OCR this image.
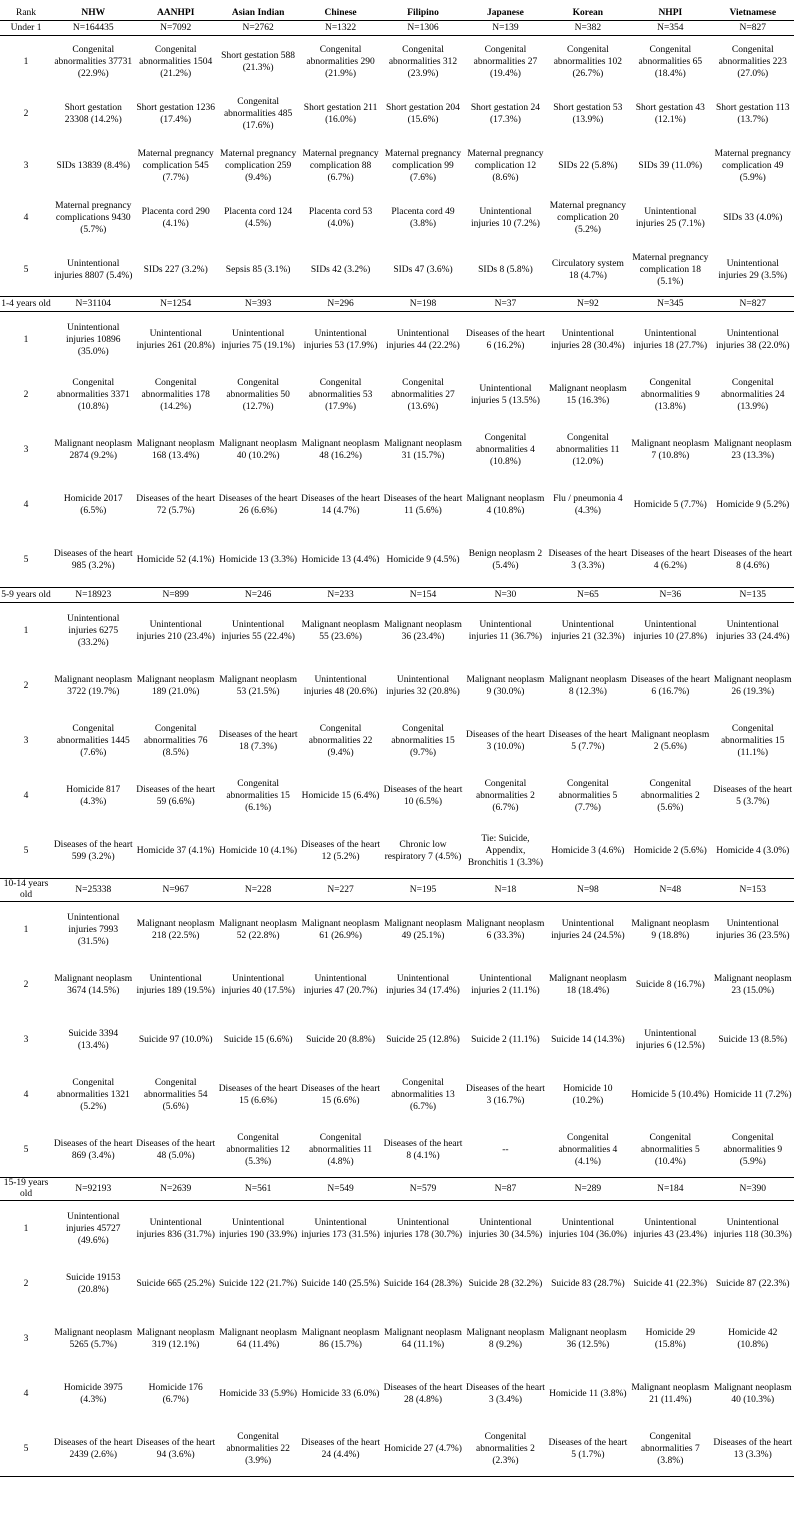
Rank	NHW	AANHPI	Asian Indian	Chinese	Filipino	Japanese	Korean	NHPI	Vietnamese
Under 1	N=164435	N=7092	N=2762	N=1322	N=1306	N=139	N=382	N=354	N=827
1	Congenital abnormalities 37731 (22.9%)	Congenital abnormalities 1504 (21.2%)	Short gestation 588 (21.3%)	Congenital abnormalities 290 (21.9%)	Congenital abnormalities 312 (23.9%)	Congenital abnormalities 27 (19.4%)	Congenital abnormalities 102 (26.7%)	Congenital abnormalities 65 (18.4%)	Congenital abnormalities 223 (27.0%)
2	Short gestation 23308 (14.2%)	Short gestation 1236 (17.4%)	Congenital abnormalities 485 (17.6%)	Short gestation 211 (16.0%)	Short gestation 204 (15.6%)	Short gestation 24 (17.3%)	Short gestation 53 (13.9%)	Short gestation 43 (12.1%)	Short gestation 113 (13.7%)
3	SIDs 13839 (8.4%)	Maternal pregnancy complication 545 (7.7%)	Maternal pregnancy complication 259 (9.4%)	Maternal pregnancy complication 88 (6.7%)	Maternal pregnancy complication 99 (7.6%)	Maternal pregnancy complication 12 (8.6%)	SIDs 22 (5.8%)	SIDs 39 (11.0%)	Maternal pregnancy complication 49 (5.9%)
4	Maternal pregnancy complications 9430 (5.7%)	Placenta cord 290 (4.1%)	Placenta cord 124 (4.5%)	Placenta cord 53 (4.0%)	Placenta cord 49 (3.8%)	Unintentional injuries 10 (7.2%)	Maternal pregnancy complication 20 (5.2%)	Unintentional injuries 25 (7.1%)	SIDs 33 (4.0%)
5	Unintentional injuries 8807 (5.4%)	SIDs 227 (3.2%)	Sepsis 85 (3.1%)	SIDs 42 (3.2%)	SIDs 47 (3.6%)	SIDs 8 (5.8%)	Circulatory system 18 (4.7%)	Maternal pregnancy complication 18 (5.1%)	Unintentional injuries 29 (3.5%)
1-4 years old	N=31104	N=1254	N=393	N=296	N=198	N=37	N=92	N=345	N=827
1	Unintentional injuries 10896 (35.0%)	Unintentional injuries 261 (20.8%)	Unintentional injuries 75 (19.1%)	Unintentional injuries 53 (17.9%)	Unintentional injuries 44 (22.2%)	Diseases of the heart 6 (16.2%)	Unintentional injuries 28 (30.4%)	Unintentional injuries 18 (27.7%)	Unintentional injuries 38 (22.0%)
2	Congenital abnormalities 3371 (10.8%)	Congenital abnormalities 178 (14.2%)	Congenital abnormalities 50 (12.7%)	Congenital abnormalities 53 (17.9%)	Congenital abnormalities 27 (13.6%)	Unintentional injuries 5 (13.5%)	Malignant neoplasm 15 (16.3%)	Congenital abnormalities 9 (13.8%)	Congenital abnormalities 24 (13.9%)
3	Malignant neoplasm 2874 (9.2%)	Malignant neoplasm 168 (13.4%)	Malignant neoplasm 40 (10.2%)	Malignant neoplasm 48 (16.2%)	Malignant neoplasm 31 (15.7%)	Congenital abnormalities 4 (10.8%)	Congenital abnormalities 11 (12.0%)	Malignant neoplasm 7 (10.8%)	Malignant neoplasm 23 (13.3%)
4	Homicide 2017 (6.5%)	Diseases of the heart 72 (5.7%)	Diseases of the heart 26 (6.6%)	Diseases of the heart 14 (4.7%)	Diseases of the heart 11 (5.6%)	Malignant neoplasm 4 (10.8%)	Flu / pneumonia 4 (4.3%)	Homicide 5 (7.7%)	Homicide 9 (5.2%)
5	Diseases of the heart 985 (3.2%)	Homicide 52 (4.1%)	Homicide 13 (3.3%)	Homicide 13 (4.4%)	Homicide 9 (4.5%)	Benign neoplasm 2 (5.4%)	Diseases of the heart 3 (3.3%)	Diseases of the heart 4 (6.2%)	Diseases of the heart 8 (4.6%)
5-9 years old	N=18923	N=899	N=246	N=233	N=154	N=30	N=65	N=36	N=135
1	Unintentional injuries 6275 (33.2%)	Unintentional injuries 210 (23.4%)	Unintentional injuries 55 (22.4%)	Malignant neoplasm 55 (23.6%)	Malignant neoplasm 36 (23.4%)	Unintentional injuries 11 (36.7%)	Unintentional injuries 21 (32.3%)	Unintentional injuries 10 (27.8%)	Unintentional injuries 33 (24.4%)
2	Malignant neoplasm 3722 (19.7%)	Malignant neoplasm 189 (21.0%)	Malignant neoplasm 53 (21.5%)	Unintentional injuries 48 (20.6%)	Unintentional injuries 32 (20.8%)	Malignant neoplasm 9 (30.0%)	Malignant neoplasm 8 (12.3%)	Diseases of the heart 6 (16.7%)	Malignant neoplasm 26 (19.3%)
3	Congenital abnormalities 1445 (7.6%)	Congenital abnormalities 76 (8.5%)	Diseases of the heart 18 (7.3%)	Congenital abnormalities 22 (9.4%)	Congenital abnormalities 15 (9.7%)	Diseases of the heart 3 (10.0%)	Diseases of the heart 5 (7.7%)	Malignant neoplasm 2 (5.6%)	Congenital abnormalities 15 (11.1%)
4	Homicide 817 (4.3%)	Diseases of the heart 59 (6.6%)	Congenital abnormalities 15 (6.1%)	Homicide 15 (6.4%)	Diseases of the heart 10 (6.5%)	Congenital abnormalities 2 (6.7%)	Congenital abnormalities 5 (7.7%)	Congenital abnormalities 2 (5.6%)	Diseases of the heart 5 (3.7%)
5	Diseases of the heart 599 (3.2%)	Homicide 37 (4.1%)	Homicide 10 (4.1%)	Diseases of the heart 12 (5.2%)	Chronic low respiratory 7 (4.5%)	Tie: Suicide, Appendix, Bronchitis 1 (3.3%)	Homicide 3 (4.6%)	Homicide 2 (5.6%)	Homicide 4 (3.0%)
10-14 years old	N=25338	N=967	N=228	N=227	N=195	N=18	N=98	N=48	N=153
1	Unintentional injuries 7993 (31.5%)	Malignant neoplasm 218 (22.5%)	Malignant neoplasm 52 (22.8%)	Malignant neoplasm 61 (26.9%)	Malignant neoplasm 49 (25.1%)	Malignant neoplasm 6 (33.3%)	Unintentional injuries 24 (24.5%)	Malignant neoplasm 9 (18.8%)	Unintentional injuries 36 (23.5%)
2	Malignant neoplasm 3674 (14.5%)	Unintentional injuries 189 (19.5%)	Unintentional injuries 40 (17.5%)	Unintentional injuries 47 (20.7%)	Unintentional injuries 34 (17.4%)	Unintentional injuries 2 (11.1%)	Malignant neoplasm 18 (18.4%)	Suicide 8 (16.7%)	Malignant neoplasm 23 (15.0%)
3	Suicide 3394 (13.4%)	Suicide 97 (10.0%)	Suicide 15 (6.6%)	Suicide 20 (8.8%)	Suicide 25 (12.8%)	Suicide 2 (11.1%)	Suicide 14 (14.3%)	Unintentional injuries 6 (12.5%)	Suicide 13 (8.5%)
4	Congenital abnormalities 1321 (5.2%)	Congenital abnormalities 54 (5.6%)	Diseases of the heart 15 (6.6%)	Diseases of the heart 15 (6.6%)	Congenital abnormalities 13 (6.7%)	Diseases of the heart 3 (16.7%)	Homicide 10 (10.2%)	Homicide 5 (10.4%)	Homicide 11 (7.2%)
5	Diseases of the heart 869 (3.4%)	Diseases of the heart 48 (5.0%)	Congenital abnormalities 12 (5.3%)	Congenital abnormalities 11 (4.8%)	Diseases of the heart 8 (4.1%)	--	Congenital abnormalities 4 (4.1%)	Congenital abnormalities 5 (10.4%)	Congenital abnormalities 9 (5.9%)
15-19 years old	N=92193	N=2639	N=561	N=549	N=579	N=87	N=289	N=184	N=390
1	Unintentional injuries 45727 (49.6%)	Unintentional injuries 836 (31.7%)	Unintentional injuries 190 (33.9%)	Unintentional injuries 173 (31.5%)	Unintentional injuries 178 (30.7%)	Unintentional injuries 30 (34.5%)	Unintentional injuries 104 (36.0%)	Unintentional injuries 43 (23.4%)	Unintentional injuries 118 (30.3%)
2	Suicide 19153 (20.8%)	Suicide 665 (25.2%)	Suicide 122 (21.7%)	Suicide 140 (25.5%)	Suicide 164 (28.3%)	Suicide 28 (32.2%)	Suicide 83 (28.7%)	Suicide 41 (22.3%)	Suicide 87 (22.3%)
3	Malignant neoplasm 5265 (5.7%)	Malignant neoplasm 319 (12.1%)	Malignant neoplasm 64 (11.4%)	Malignant neoplasm 86 (15.7%)	Malignant neoplasm 64 (11.1%)	Malignant neoplasm 8 (9.2%)	Malignant neoplasm 36 (12.5%)	Homicide 29 (15.8%)	Homicide 42 (10.8%)
4	Homicide 3975 (4.3%)	Homicide 176 (6.7%)	Homicide 33 (5.9%)	Homicide 33 (6.0%)	Diseases of the heart 28 (4.8%)	Diseases of the heart 3 (3.4%)	Homicide 11 (3.8%)	Malignant neoplasm 21 (11.4%)	Malignant neoplasm 40 (10.3%)
5	Diseases of the heart 2439 (2.6%)	Diseases of the heart 94 (3.6%)	Congenital abnormalities 22 (3.9%)	Diseases of the heart 24 (4.4%)	Homicide 27 (4.7%)	Congenital abnormalities 2 (2.3%)	Diseases of the heart 5 (1.7%)	Congenital abnormalities 7 (3.8%)	Diseases of the heart 13 (3.3%)
